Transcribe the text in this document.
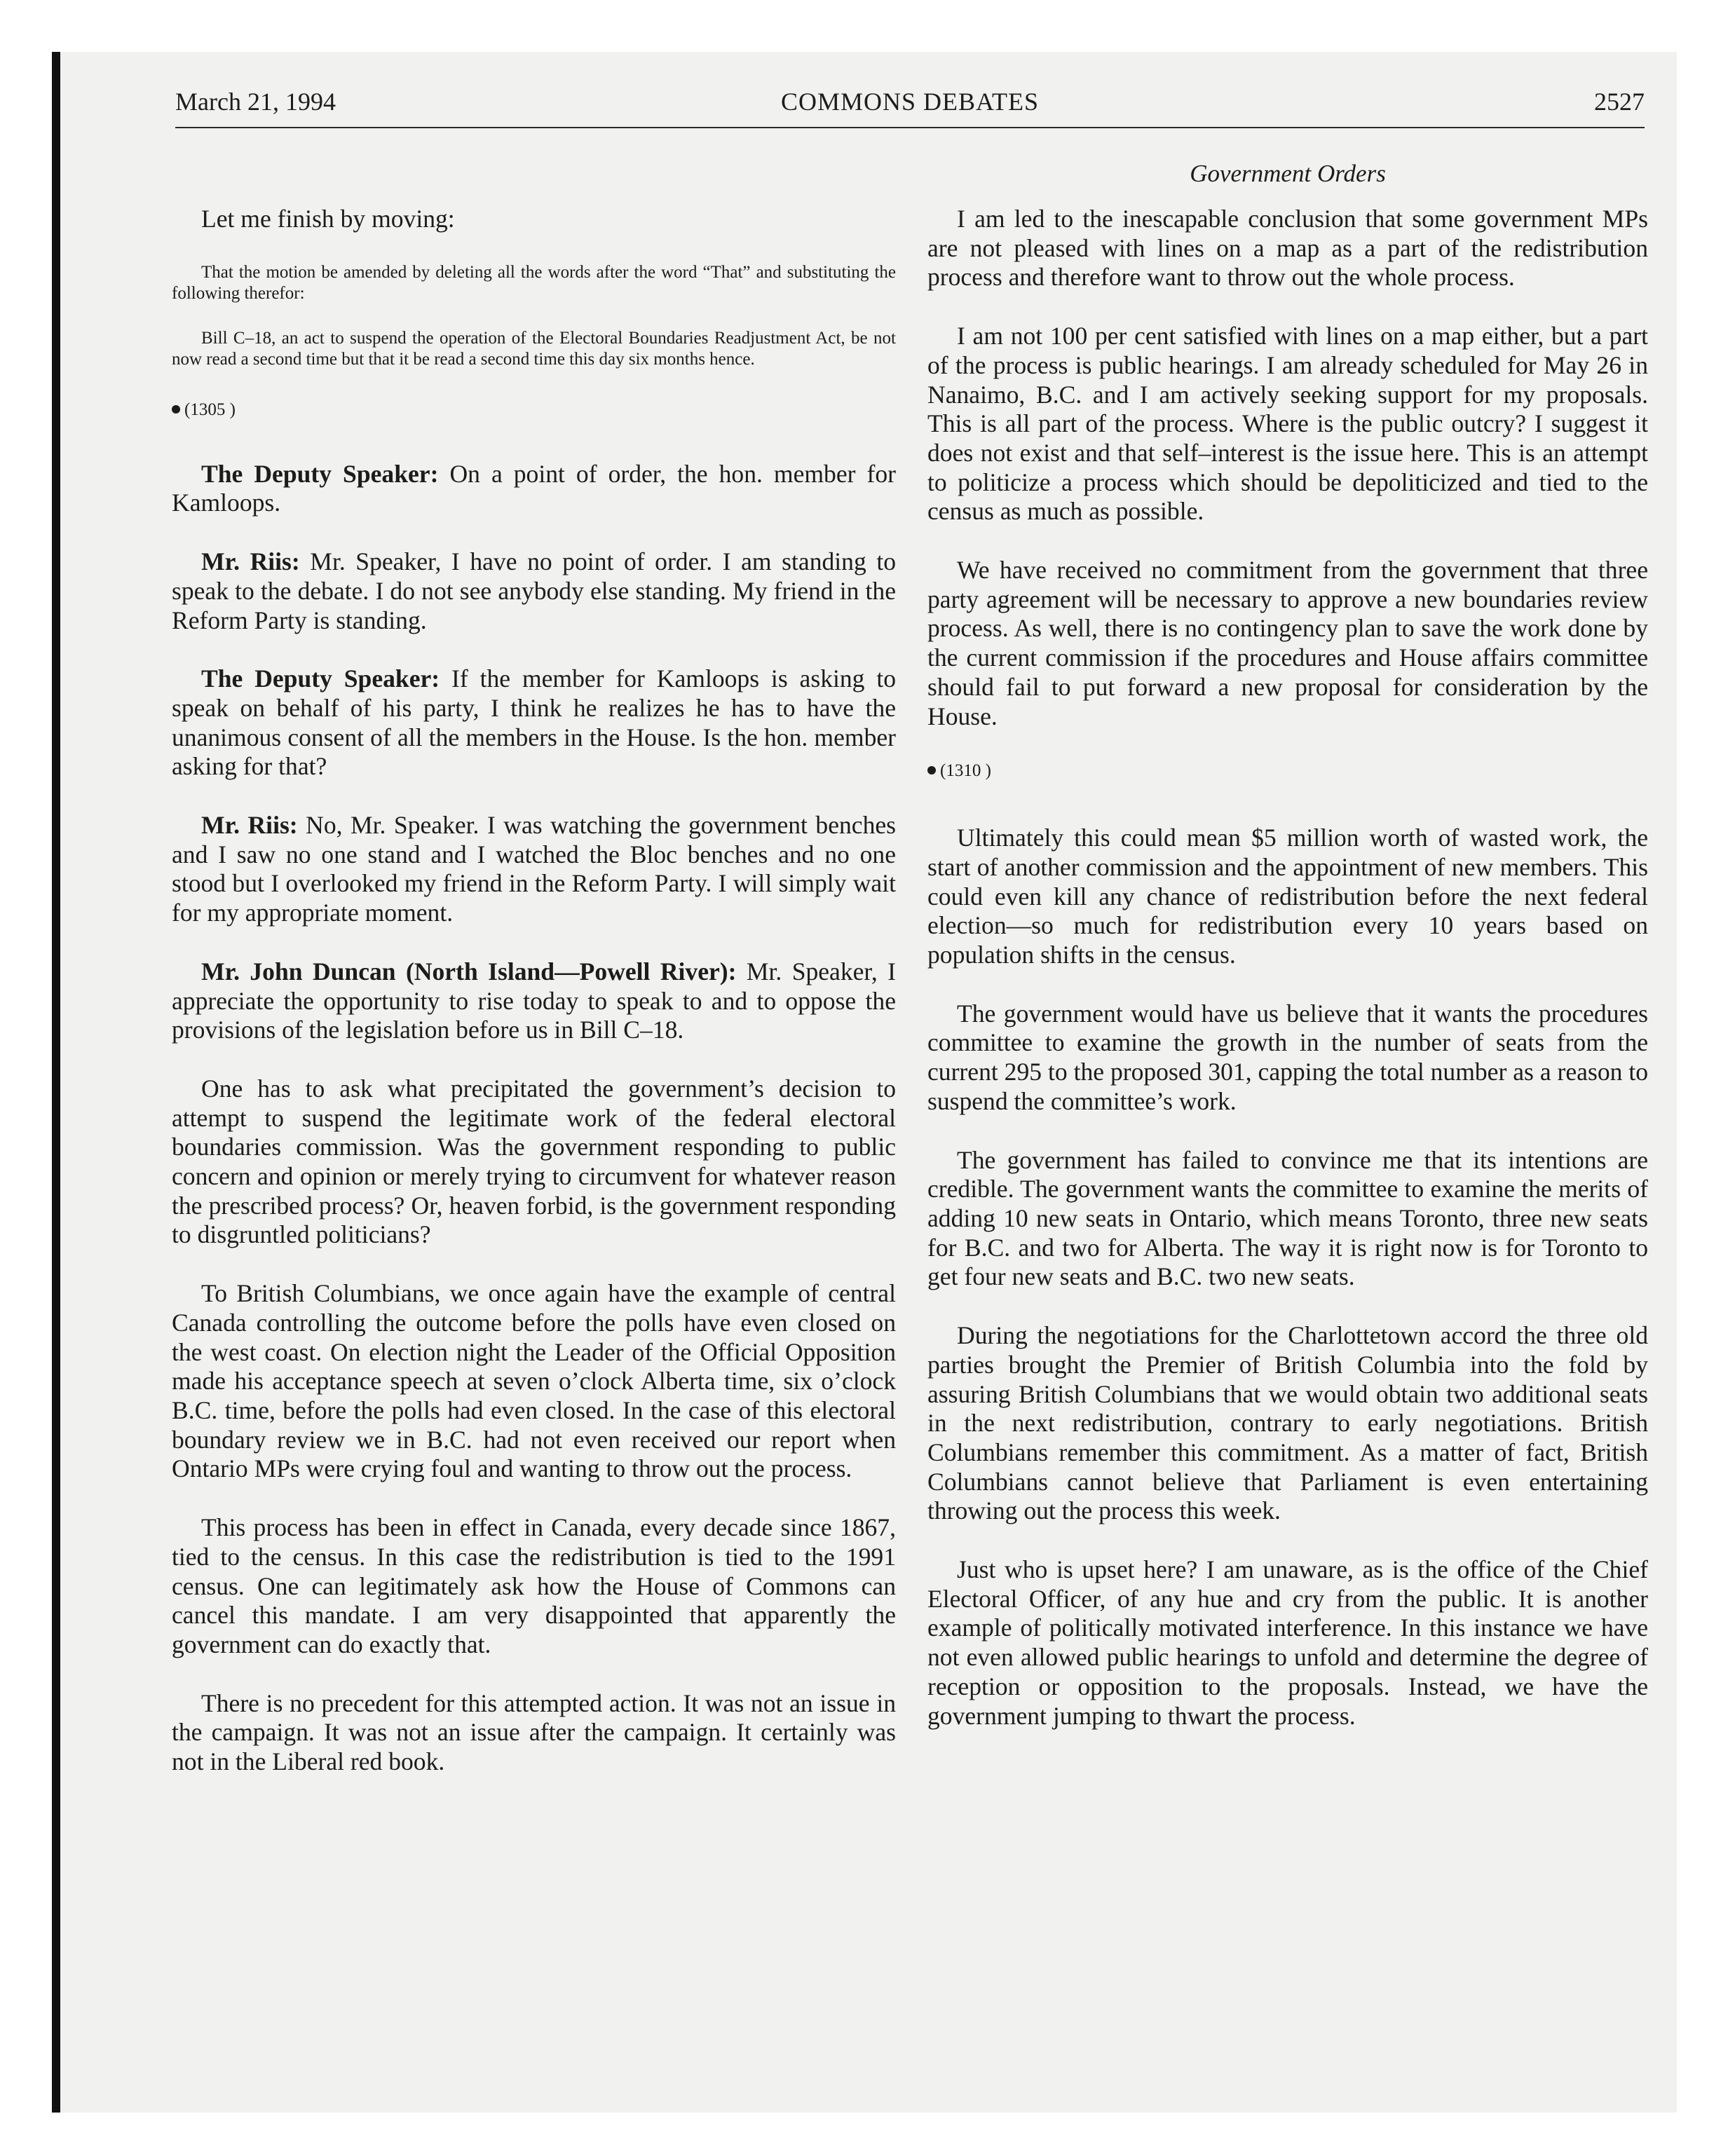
March 21, 1994	COMMONS DEBATES	2527
Government Orders

Let me finish by moving:

That the motion be amended by deleting all the words after the word “That” and substituting the following therefor:

Bill C–18, an act to suspend the operation of the Electoral Boundaries Readjustment Act, be not now read a second time but that it be read a second time this day six months hence.

(1305 )

The Deputy Speaker: On a point of order, the hon. member for Kamloops.

Mr. Riis: Mr. Speaker, I have no point of order. I am standing to speak to the debate. I do not see anybody else standing. My friend in the Reform Party is standing.

The Deputy Speaker: If the member for Kamloops is asking to speak on behalf of his party, I think he realizes he has to have the unanimous consent of all the members in the House. Is the hon. member asking for that?

Mr. Riis: No, Mr. Speaker. I was watching the government benches and I saw no one stand and I watched the Bloc benches and no one stood but I overlooked my friend in the Reform Party. I will simply wait for my appropriate moment.

Mr. John Duncan (North Island—Powell River): Mr. Speaker, I appreciate the opportunity to rise today to speak to and to oppose the provisions of the legislation before us in Bill C–18.

One has to ask what precipitated the government’s decision to attempt to suspend the legitimate work of the federal electoral boundaries commission. Was the government responding to public concern and opinion or merely trying to circumvent for whatever reason the prescribed process? Or, heaven forbid, is the government responding to disgruntled politicians?

To British Columbians, we once again have the example of central Canada controlling the outcome before the polls have even closed on the west coast. On election night the Leader of the Official Opposition made his acceptance speech at seven o’clock Alberta time, six o’clock B.C. time, before the polls had even closed. In the case of this electoral boundary review we in B.C. had not even received our report when Ontario MPs were crying foul and wanting to throw out the process.

This process has been in effect in Canada, every decade since 1867, tied to the census. In this case the redistribution is tied to the 1991 census. One can legitimately ask how the House of Commons can cancel this mandate. I am very disappointed that apparently the government can do exactly that.

There is no precedent for this attempted action. It was not an issue in the campaign. It was not an issue after the campaign. It certainly was not in the Liberal red book.

I am led to the inescapable conclusion that some government MPs are not pleased with lines on a map as a part of the redistribution process and therefore want to throw out the whole process.

I am not 100 per cent satisfied with lines on a map either, but a part of the process is public hearings. I am already scheduled for May 26 in Nanaimo, B.C. and I am actively seeking support for my proposals. This is all part of the process. Where is the public outcry? I suggest it does not exist and that self–interest is the issue here. This is an attempt to politicize a process which should be depoliticized and tied to the census as much as possible.

We have received no commitment from the government that three party agreement will be necessary to approve a new boundaries review process. As well, there is no contingency plan to save the work done by the current commission if the procedures and House affairs committee should fail to put forward a new proposal for consideration by the House.

(1310 )

Ultimately this could mean $5 million worth of wasted work, the start of another commission and the appointment of new members. This could even kill any chance of redistribution before the next federal election—so much for redistribution every 10 years based on population shifts in the census.

The government would have us believe that it wants the procedures committee to examine the growth in the number of seats from the current 295 to the proposed 301, capping the total number as a reason to suspend the committee’s work.

The government has failed to convince me that its intentions are credible. The government wants the committee to examine the merits of adding 10 new seats in Ontario, which means Toronto, three new seats for B.C. and two for Alberta. The way it is right now is for Toronto to get four new seats and B.C. two new seats.

During the negotiations for the Charlottetown accord the three old parties brought the Premier of British Columbia into the fold by assuring British Columbians that we would obtain two additional seats in the next redistribution, contrary to early negotiations. British Columbians remember this commitment. As a matter of fact, British Columbians cannot believe that Parliament is even entertaining throwing out the process this week.

Just who is upset here? I am unaware, as is the office of the Chief Electoral Officer, of any hue and cry from the public. It is another example of politically motivated interference. In this instance we have not even allowed public hearings to unfold and determine the degree of reception or opposition to the proposals. Instead, we have the government jumping to thwart the process.
